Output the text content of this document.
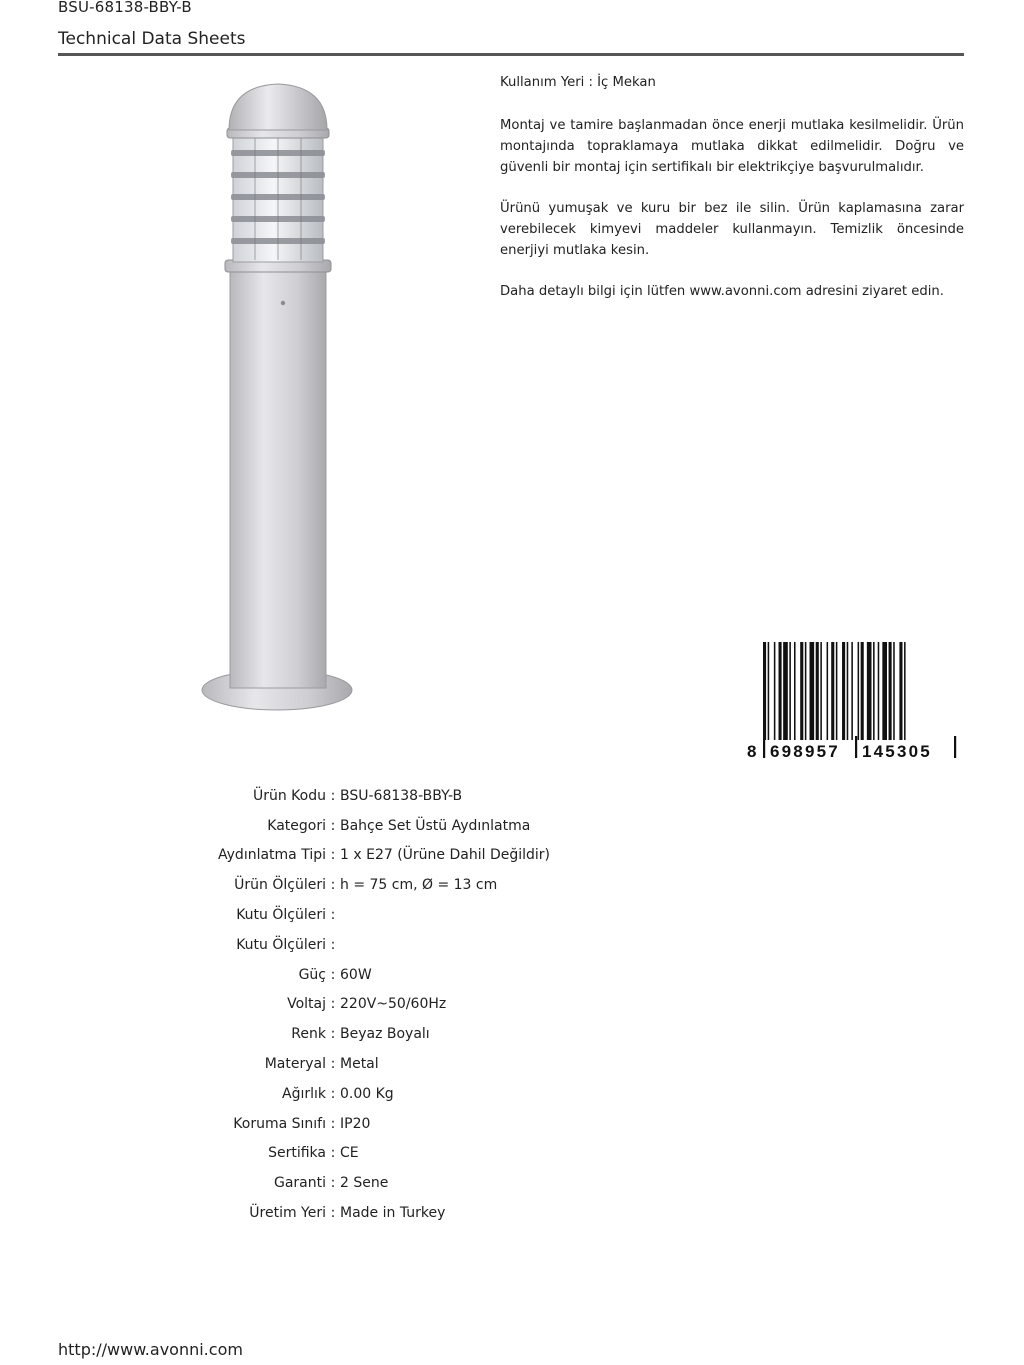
BSU-68138-BBY-B
Technical Data Sheets

Kullanım Yeri : İç Mekan

Montaj ve tamire başlanmadan önce enerji mutlaka kesilmelidir. Ürün montajında topraklamaya mutlaka dikkat edilmelidir. Doğru ve güvenli bir montaj için sertifikalı bir elektrikçiye başvurulmalıdır.

Ürünü yumuşak ve kuru bir bez ile silin. Ürün kaplamasına zarar verebilecek kimyevi maddeler kullanmayın. Temizlik öncesinde enerjiyi mutlaka kesin.

Daha detaylı bilgi için lütfen www.avonni.com adresini ziyaret edin.

8 698957 145305
Ürün Kodu : BSU-68138-BBY-B
Kategori : Bahçe Set Üstü Aydınlatma
Aydınlatma Tipi : 1 x E27 (Ürüne Dahil Değildir)
Ürün Ölçüleri : h = 75 cm, Ø = 13 cm
Kutu Ölçüleri :
Kutu Ölçüleri :
Güç : 60W
Voltaj : 220V~50/60Hz
Renk : Beyaz Boyalı
Materyal : Metal
Ağırlık : 0.00 Kg
Koruma Sınıfı : IP20
Sertifika : CE
Garanti : 2 Sene
Üretim Yeri : Made in Turkey
http://www.avonni.com
